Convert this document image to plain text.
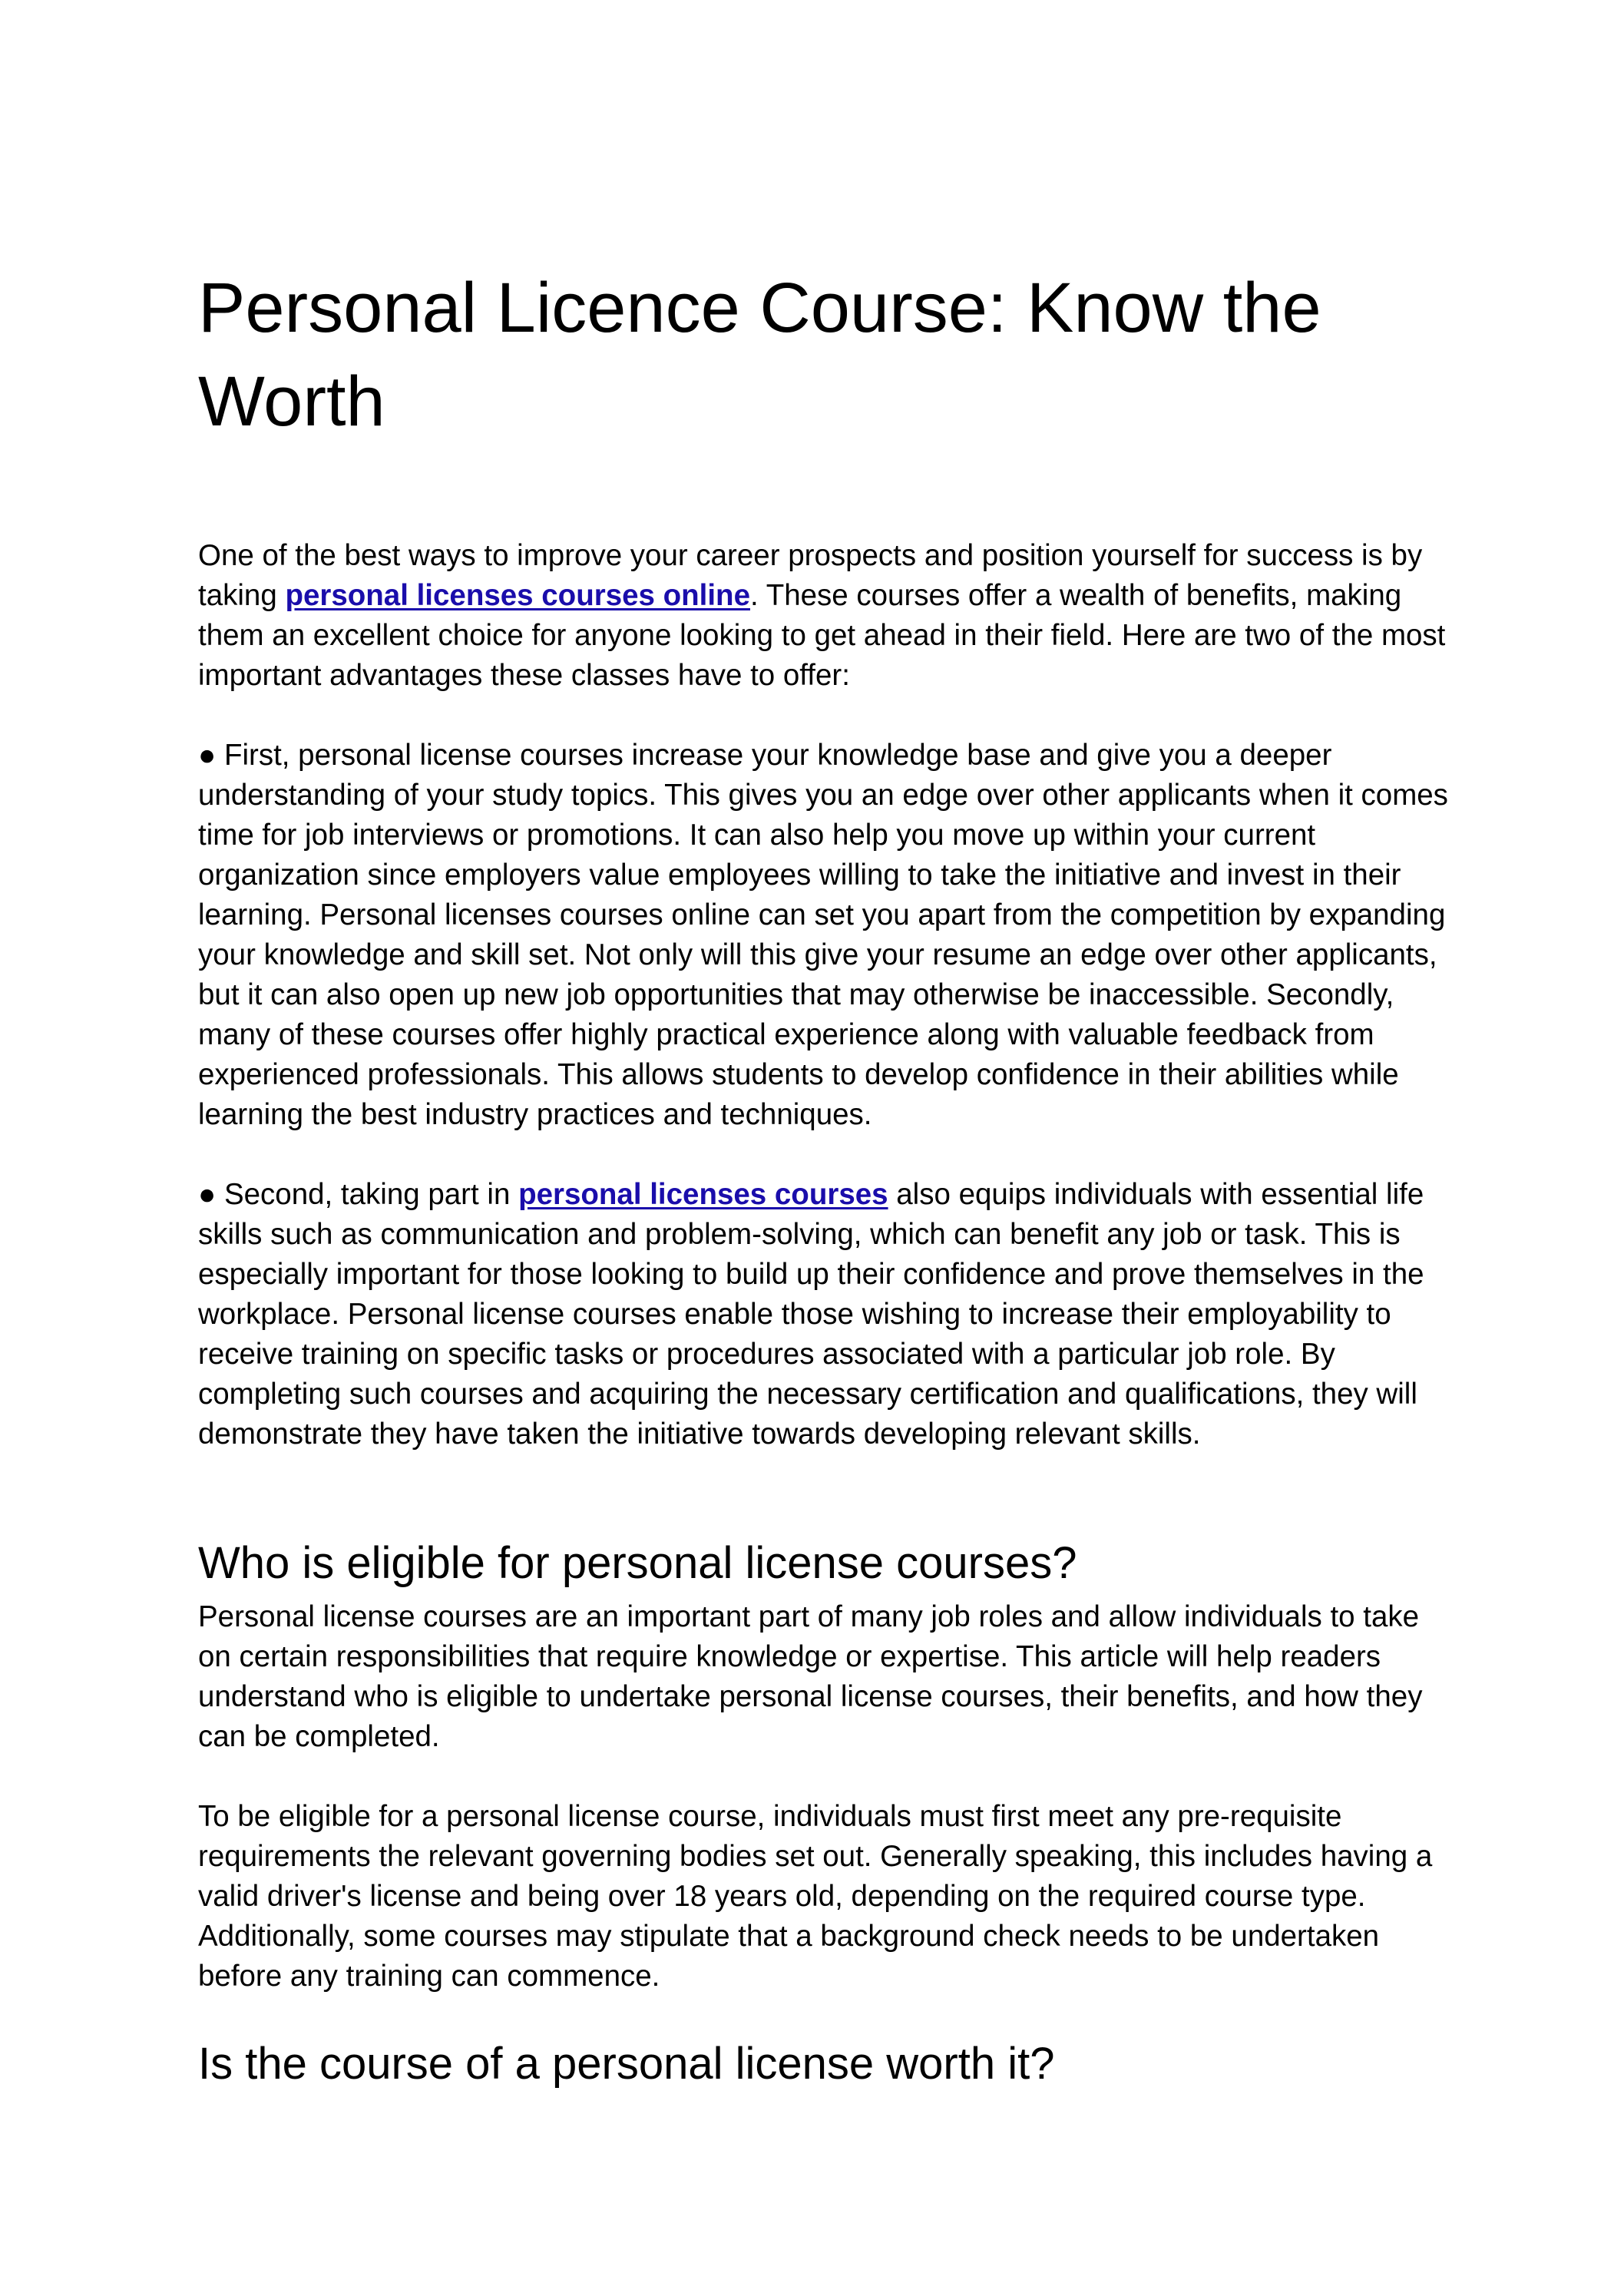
Personal Licence Course: Know the Worth

One of the best ways to improve your career prospects and position yourself for success is by taking personal licenses courses online. These courses offer a wealth of benefits, making them an excellent choice for anyone looking to get ahead in their field. Here are two of the most important advantages these classes have to offer:

● First, personal license courses increase your knowledge base and give you a deeper understanding of your study topics. This gives you an edge over other applicants when it comes time for job interviews or promotions. It can also help you move up within your current organization since employers value employees willing to take the initiative and invest in their learning. Personal licenses courses online can set you apart from the competition by expanding your knowledge and skill set. Not only will this give your resume an edge over other applicants, but it can also open up new job opportunities that may otherwise be inaccessible. Secondly, many of these courses offer highly practical experience along with valuable feedback from experienced professionals. This allows students to develop confidence in their abilities while learning the best industry practices and techniques.

● Second, taking part in personal licenses courses also equips individuals with essential life skills such as communication and problem-solving, which can benefit any job or task. This is especially important for those looking to build up their confidence and prove themselves in the workplace. Personal license courses enable those wishing to increase their employability to receive training on specific tasks or procedures associated with a particular job role. By completing such courses and acquiring the necessary certification and qualifications, they will demonstrate they have taken the initiative towards developing relevant skills.

Who is eligible for personal license courses?

Personal license courses are an important part of many job roles and allow individuals to take on certain responsibilities that require knowledge or expertise. This article will help readers understand who is eligible to undertake personal license courses, their benefits, and how they can be completed.

To be eligible for a personal license course, individuals must first meet any pre-requisite requirements the relevant governing bodies set out. Generally speaking, this includes having a valid driver's license and being over 18 years old, depending on the required course type. Additionally, some courses may stipulate that a background check needs to be undertaken before any training can commence.

Is the course of a personal license worth it?
